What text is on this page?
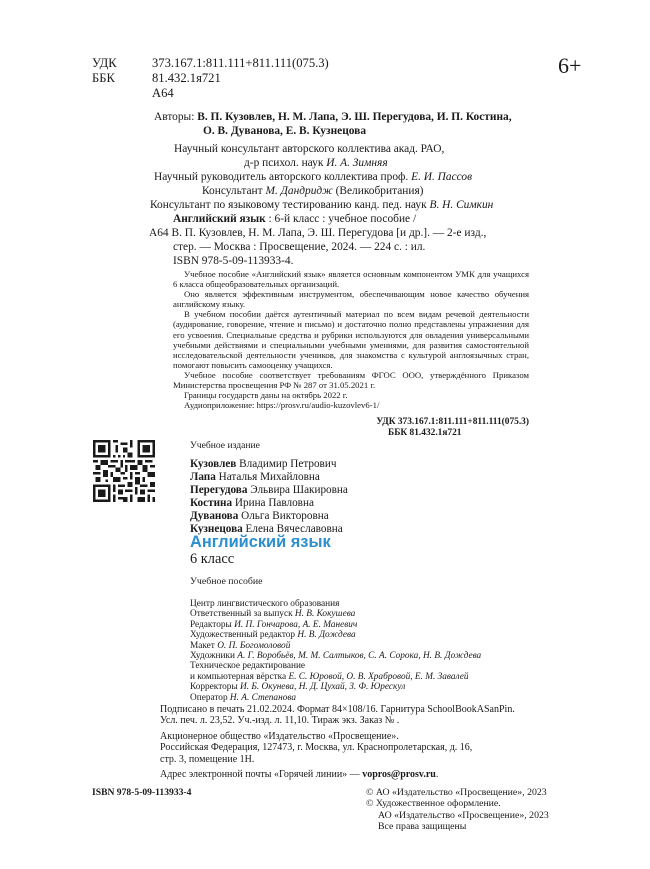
УДК	373.167.1:811.111+811.111(075.3)
ББК	81.432.1я721
А64
6+
Авторы: В. П. Кузовлев, Н. М. Лапа, Э. Ш. Перегудова, И. П. Костина,
О. В. Дуванова, Е. В. Кузнецова
Научный консультант авторского коллектива акад. РАО,
д-р психол. наук И. А. Зимняя
Научный руководитель авторского коллектива проф. Е. И. Пассов
Консультант М. Дандридж (Великобритания)
Консультант по языковому тестированию канд. пед. наук В. Н. Симкин
Английский язык : 6-й класс : учебное пособие /
А64 В. П. Кузовлев, Н. М. Лапа, Э. Ш. Перегудова [и др.]. — 2-е изд.,
стер. — Москва : Просвещение, 2024. — 224 с. : ил.
ISBN 978-5-09-113933-4.

Учебное пособие «Английский язык» является основным компонентом УМК для учащихся 6 класса общеобразовательных организаций.

Оно является эффективным инструментом, обеспечивающим новое качество обучения английскому языку.

В учебном пособии даётся аутентичный материал по всем видам речевой деятельности (аудирование, говорение, чтение и письмо) и достаточно полно представлены упражнения для его усвоения. Специальные средства и рубрики используются для овладения универсальными учебными действиями и специальными учебными умениями, для развития самостоятельной исследовательской деятельности учеников, для знакомства с культурой англоязычных стран, помогают повысить самооценку учащихся.

Учебное пособие соответствует требованиям ФГОС ООО, утверждённого Приказом Министерства просвещения РФ № 287 от 31.05.2021 г.

Границы государств даны на октябрь 2022 г.

Аудиоприложение: https://prosv.ru/audio-kuzovlev6-1/

УДК 373.167.1:811.111+811.111(075.3)
ББК 81.432.1я721
Учебное издание
Кузовлев Владимир Петрович
Лапа Наталья Михайловна
Перегудова Эльвира Шакировна
Костина Ирина Павловна
Дуванова Ольга Викторовна
Кузнецова Елена Вячеславовна
Английский язык
6 класс
Учебное пособие
Центр лингвистического образования
Ответственный за выпуск Н. В. Кокушева
Редакторы И. П. Гончарова, А. Е. Маневич
Художественный редактор Н. В. Дождева
Макет О. П. Богомоловой
Художники А. Г. Воробьёв, М. М. Салтыков, С. А. Сорока, Н. В. Дождева
Техническое редактирование
и компьютерная вёрстка Е. С. Юровой, О. В. Храбровой, Е. М. Завалей
Корректоры И. Б. Окунева, Н. Д. Цухай, З. Ф. Юрескул
Оператор Н. А. Степанова
Подписано в печать 21.02.2024. Формат 84×108/16. Гарнитура SchoolBookASanPin.
Усл. печ. л. 23,52. Уч.-изд. л. 11,10. Тираж экз. Заказ № .
Акционерное общество «Издательство «Просвещение».
Российская Федерация, 127473, г. Москва, ул. Краснопролетарская, д. 16,
стр. 3, помещение 1Н.
Адрес электронной почты «Горячей линии» — vopros@prosv.ru.
ISBN 978-5-09-113933-4	© АО «Издательство «Просвещение», 2023
© Художественное оформление.
АО «Издательство «Просвещение», 2023
Все права защищены
